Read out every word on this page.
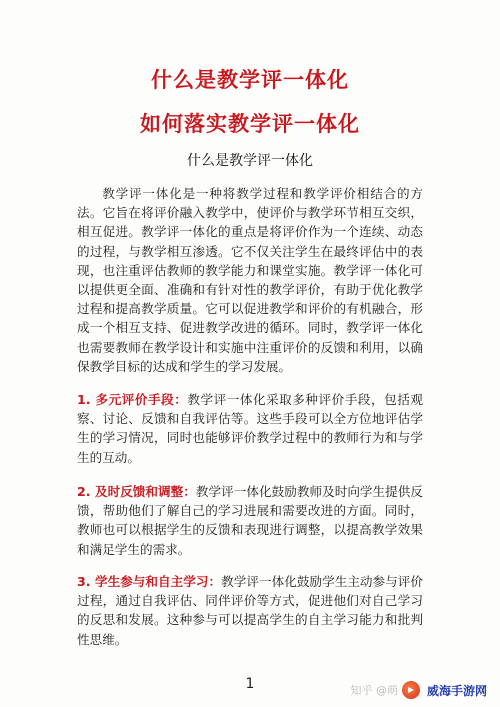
什么是教学评一体化
如何落实教学评一体化
什么是教学评一体化
教学评一体化是一种将教学过程和教学评价相结合的方法。它旨在将评价融入教学中，使评价与教学环节相互交织，相互促进。教学评一体化的重点是将评价作为一个连续、动态的过程，与教学相互渗透。它不仅关注学生在最终评估中的表现，也注重评估教师的教学能力和课堂实施。教学评一体化可以提供更全面、准确和有针对性的教学评价，有助于优化教学过程和提高教学质量。它可以促进教学和评价的有机融合，形成一个相互支持、促进教学改进的循环。同时，教学评一体化也需要教师在教学设计和实施中注重评价的反馈和利用，以确保教学目标的达成和学生的学习发展。
1. 多元评价手段：教学评一体化采取多种评价手段，包括观察、讨论、反馈和自我评估等。这些手段可以全方位地评估学生的学习情况，同时也能够评价教学过程中的教师行为和与学生的互动。
2. 及时反馈和调整：教学评一体化鼓励教师及时向学生提供反馈，帮助他们了解自己的学习进展和需要改进的方面。同时，教师也可以根据学生的反馈和表现进行调整，以提高教学效果和满足学生的需求。
3. 学生参与和自主学习：教学评一体化鼓励学生主动参与评价过程，通过自我评估、同伴评价等方式，促进他们对自己学习的反思和发展。这种参与可以提高学生的自主学习能力和批判性思维。
1	知乎 @萌 威海手游网
